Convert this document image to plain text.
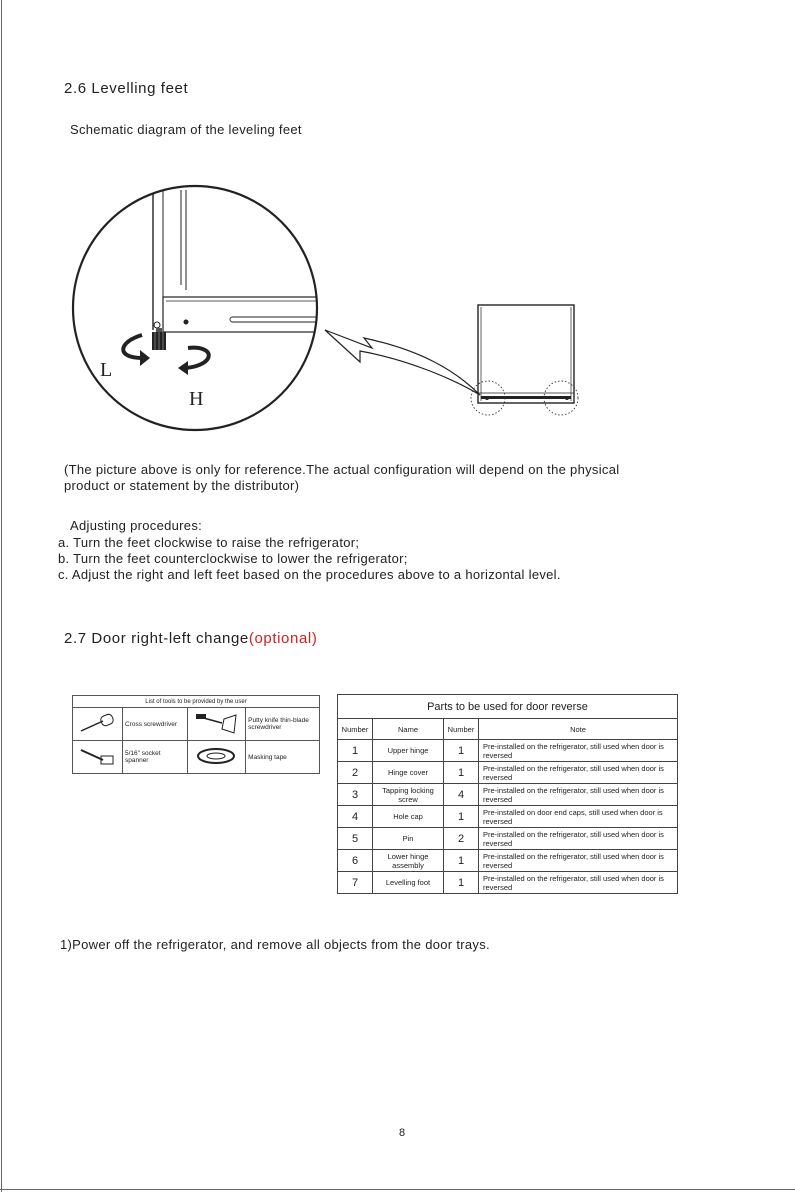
2.6 Levelling feet
Schematic diagram of the leveling feet
L
H
(The picture above is only for reference.The actual configuration will depend on the physical
product or statement by the distributor)
Adjusting procedures:
a. Turn the feet clockwise to raise the refrigerator;
b. Turn the feet counterclockwise to lower the refrigerator;
c. Adjust the right and left feet based on the procedures above to a horizontal level.
2.7 Door right-left change(optional)
List of tools to be provided by the user			
	Cross screwdriver		Putty knife thin-blade screwdriver
	5/16" socket spanner		Masking tape
Parts to be used for door reverse			
Number	Name	Number	Note
1	Upper hinge	1	Pre-installed on the refrigerator, still used when door is reversed
2	Hinge cover	1	Pre-installed on the refrigerator, still used when door is reversed
3	Tapping locking screw	4	Pre-installed on the refrigerator, still used when door is reversed
4	Hole cap	1	Pre-installed on door end caps, still used when door is reversed
5	Pin	2	Pre-installed on the refrigerator, still used when door is reversed
6	Lower hinge assembly	1	Pre-installed on the refrigerator, still used when door is reversed
7	Levelling foot	1	Pre-installed on the refrigerator, still used when door is reversed
1)Power off the refrigerator, and remove all objects from the door trays.
8
